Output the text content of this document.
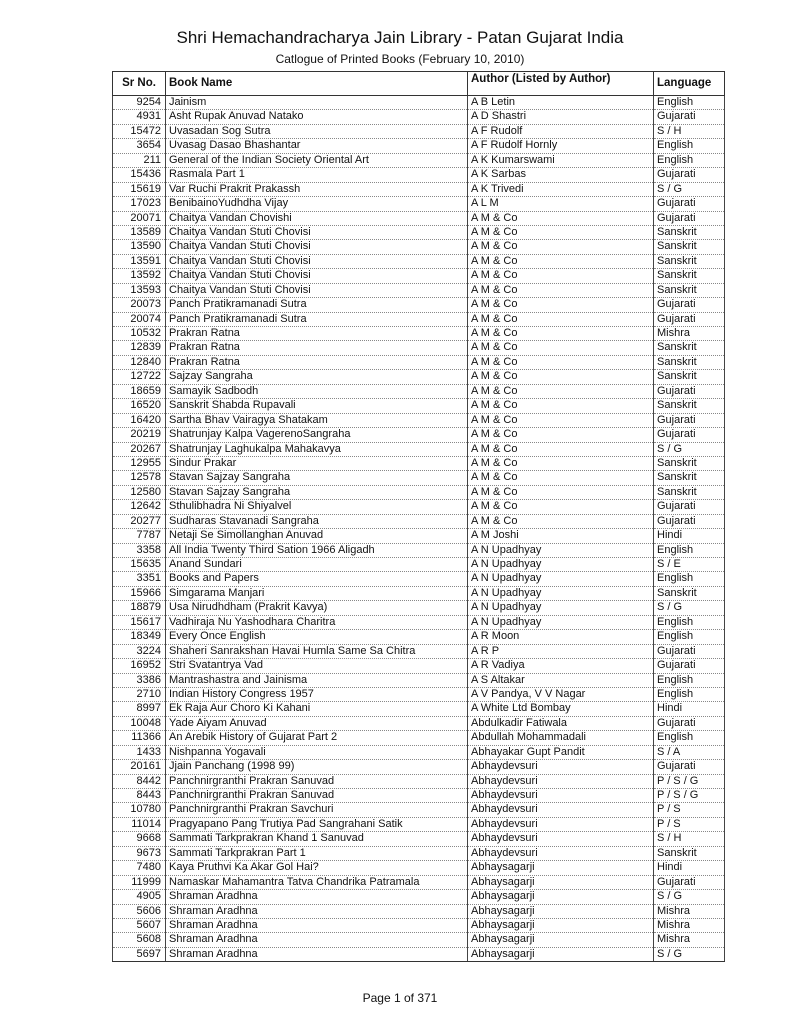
Shri Hemachandracharya Jain Library - Patan Gujarat India
Catlogue of Printed Books (February 10, 2010)
Sr No.	Book Name	Author (Listed by Author)	Language
9254	Jainism	A B Letin	English
4931	Asht Rupak Anuvad Natako	A D Shastri	Gujarati
15472	Uvasadan Sog Sutra	A F Rudolf	S / H
3654	Uvasag Dasao Bhashantar	A F Rudolf Hornly	English
211	General of the Indian Society Oriental Art	A K Kumarswami	English
15436	Rasmala Part 1	A K Sarbas	Gujarati
15619	Var Ruchi Prakrit Prakassh	A K Trivedi	S / G
17023	BenibainoYudhdha Vijay	A L M	Gujarati
20071	Chaitya Vandan Chovishi	A M & Co	Gujarati
13589	Chaitya Vandan Stuti Chovisi	A M & Co	Sanskrit
13590	Chaitya Vandan Stuti Chovisi	A M & Co	Sanskrit
13591	Chaitya Vandan Stuti Chovisi	A M & Co	Sanskrit
13592	Chaitya Vandan Stuti Chovisi	A M & Co	Sanskrit
13593	Chaitya Vandan Stuti Chovisi	A M & Co	Sanskrit
20073	Panch Pratikramanadi Sutra	A M & Co	Gujarati
20074	Panch Pratikramanadi Sutra	A M & Co	Gujarati
10532	Prakran Ratna	A M & Co	Mishra
12839	Prakran Ratna	A M & Co	Sanskrit
12840	Prakran Ratna	A M & Co	Sanskrit
12722	Sajzay Sangraha	A M & Co	Sanskrit
18659	Samayik Sadbodh	A M & Co	Gujarati
16520	Sanskrit Shabda Rupavali	A M & Co	Sanskrit
16420	Sartha Bhav Vairagya Shatakam	A M & Co	Gujarati
20219	Shatrunjay Kalpa VagerenoSangraha	A M & Co	Gujarati
20267	Shatrunjay Laghukalpa Mahakavya	A M & Co	S / G
12955	Sindur Prakar	A M & Co	Sanskrit
12578	Stavan Sajzay Sangraha	A M & Co	Sanskrit
12580	Stavan Sajzay Sangraha	A M & Co	Sanskrit
12642	Sthulibhadra Ni Shiyalvel	A M & Co	Gujarati
20277	Sudharas Stavanadi Sangraha	A M & Co	Gujarati
7787	Netaji Se Simollanghan Anuvad	A M Joshi	Hindi
3358	All India Twenty Third Sation 1966 Aligadh	A N Upadhyay	English
15635	Anand Sundari	A N Upadhyay	S / E
3351	Books and Papers	A N Upadhyay	English
15966	Simgarama Manjari	A N Upadhyay	Sanskrit
18879	Usa Nirudhdham (Prakrit Kavya)	A N Upadhyay	S / G
15617	Vadhiraja Nu Yashodhara Charitra	A N Upadhyay	English
18349	Every Once English	A R Moon	English
3224	Shaheri Sanrakshan Havai Humla Same Sa Chitra	A R P	Gujarati
16952	Stri Svatantrya Vad	A R Vadiya	Gujarati
3386	Mantrashastra and Jainisma	A S Altakar	English
2710	Indian History Congress 1957	A V Pandya, V V Nagar	English
8997	Ek Raja Aur Choro Ki Kahani	A White Ltd Bombay	Hindi
10048	Yade Aiyam Anuvad	Abdulkadir Fatiwala	Gujarati
11366	An Arebik History of Gujarat Part 2	Abdullah Mohammadali	English
1433	Nishpanna Yogavali	Abhayakar Gupt Pandit	S / A
20161	Jjain Panchang (1998 99)	Abhaydevsuri	Gujarati
8442	Panchnirgranthi Prakran Sanuvad	Abhaydevsuri	P / S / G
8443	Panchnirgranthi Prakran Sanuvad	Abhaydevsuri	P / S / G
10780	Panchnirgranthi Prakran Savchuri	Abhaydevsuri	P / S
11014	Pragyapano Pang Trutiya Pad Sangrahani Satik	Abhaydevsuri	P / S
9668	Sammati Tarkprakran Khand 1 Sanuvad	Abhaydevsuri	S / H
9673	Sammati Tarkprakran Part 1	Abhaydevsuri	Sanskrit
7480	Kaya Pruthvi Ka Akar Gol Hai?	Abhaysagarji	Hindi
11999	Namaskar Mahamantra Tatva Chandrika Patramala	Abhaysagarji	Gujarati
4905	Shraman Aradhna	Abhaysagarji	S / G
5606	Shraman Aradhna	Abhaysagarji	Mishra
5607	Shraman Aradhna	Abhaysagarji	Mishra
5608	Shraman Aradhna	Abhaysagarji	Mishra
5697	Shraman Aradhna	Abhaysagarji	S / G
Page 1 of 371
